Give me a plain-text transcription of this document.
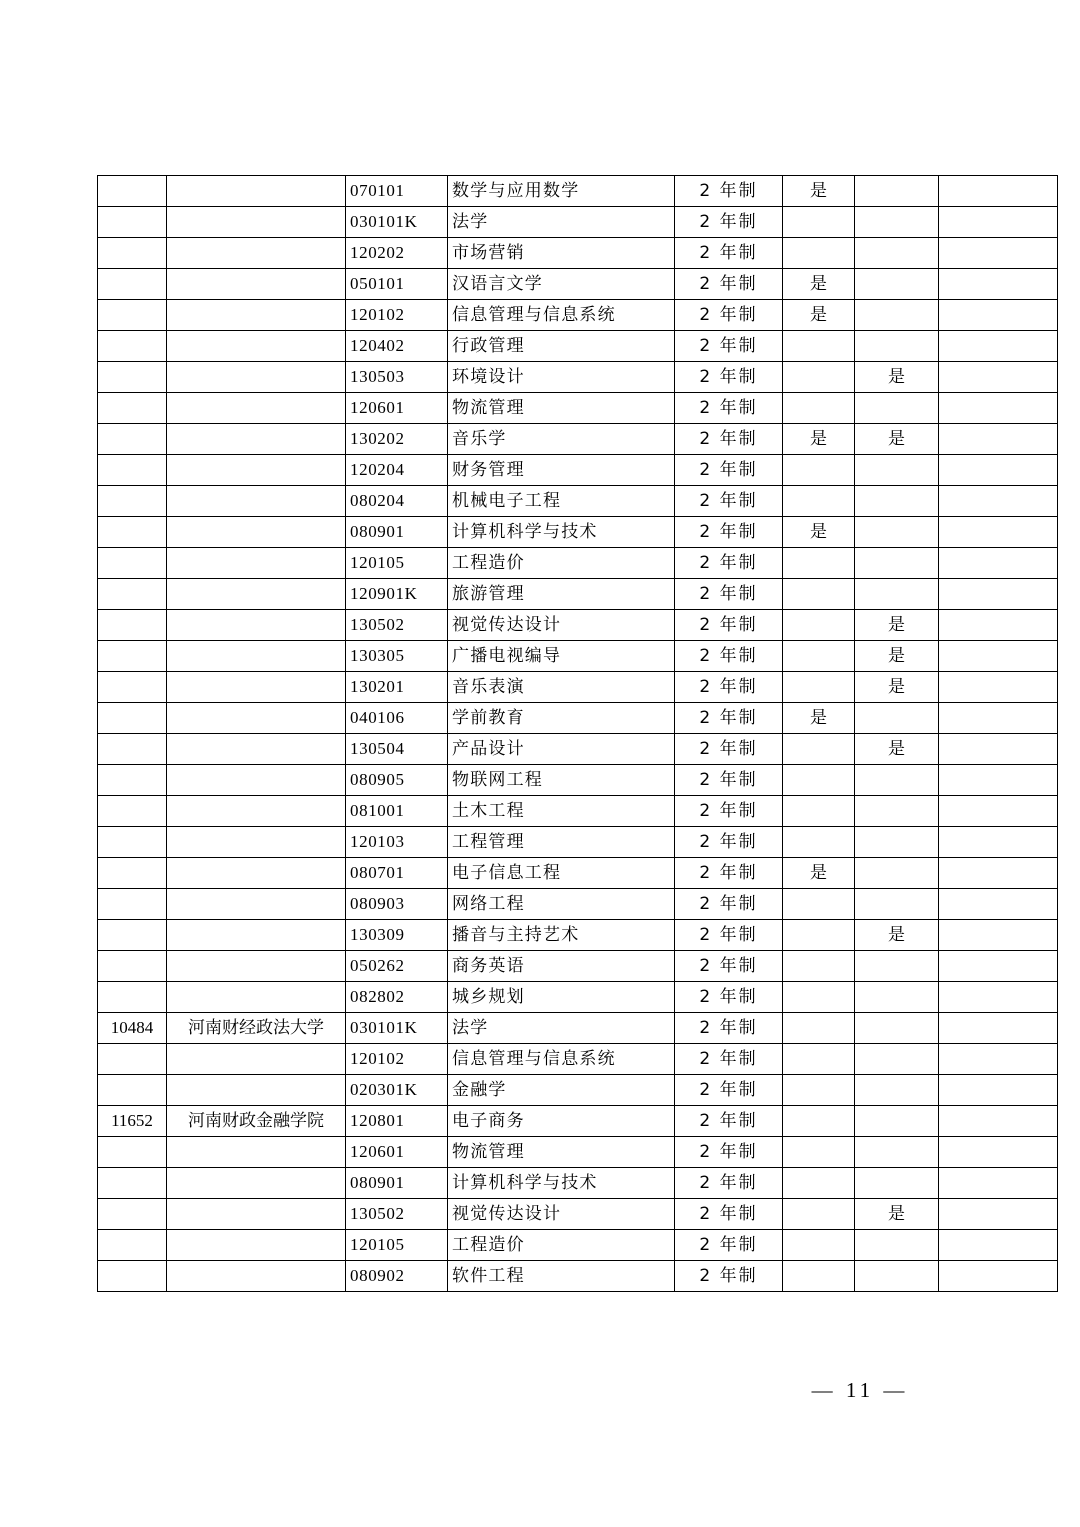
		070101	数学与应用数学	2 年制	是		
		030101K	法学	2 年制			
		120202	市场营销	2 年制			
		050101	汉语言文学	2 年制	是		
		120102	信息管理与信息系统	2 年制	是		
		120402	行政管理	2 年制			
		130503	环境设计	2 年制		是	
		120601	物流管理	2 年制			
		130202	音乐学	2 年制	是	是	
		120204	财务管理	2 年制			
		080204	机械电子工程	2 年制			
		080901	计算机科学与技术	2 年制	是		
		120105	工程造价	2 年制			
		120901K	旅游管理	2 年制			
		130502	视觉传达设计	2 年制		是	
		130305	广播电视编导	2 年制		是	
		130201	音乐表演	2 年制		是	
		040106	学前教育	2 年制	是		
		130504	产品设计	2 年制		是	
		080905	物联网工程	2 年制			
		081001	土木工程	2 年制			
		120103	工程管理	2 年制			
		080701	电子信息工程	2 年制	是		
		080903	网络工程	2 年制			
		130309	播音与主持艺术	2 年制		是	
		050262	商务英语	2 年制			
		082802	城乡规划	2 年制			
10484	河南财经政法大学	030101K	法学	2 年制			
		120102	信息管理与信息系统	2 年制			
		020301K	金融学	2 年制			
11652	河南财政金融学院	120801	电子商务	2 年制			
		120601	物流管理	2 年制			
		080901	计算机科学与技术	2 年制			
		130502	视觉传达设计	2 年制		是	
		120105	工程造价	2 年制			
		080902	软件工程	2 年制			
— 11 —
